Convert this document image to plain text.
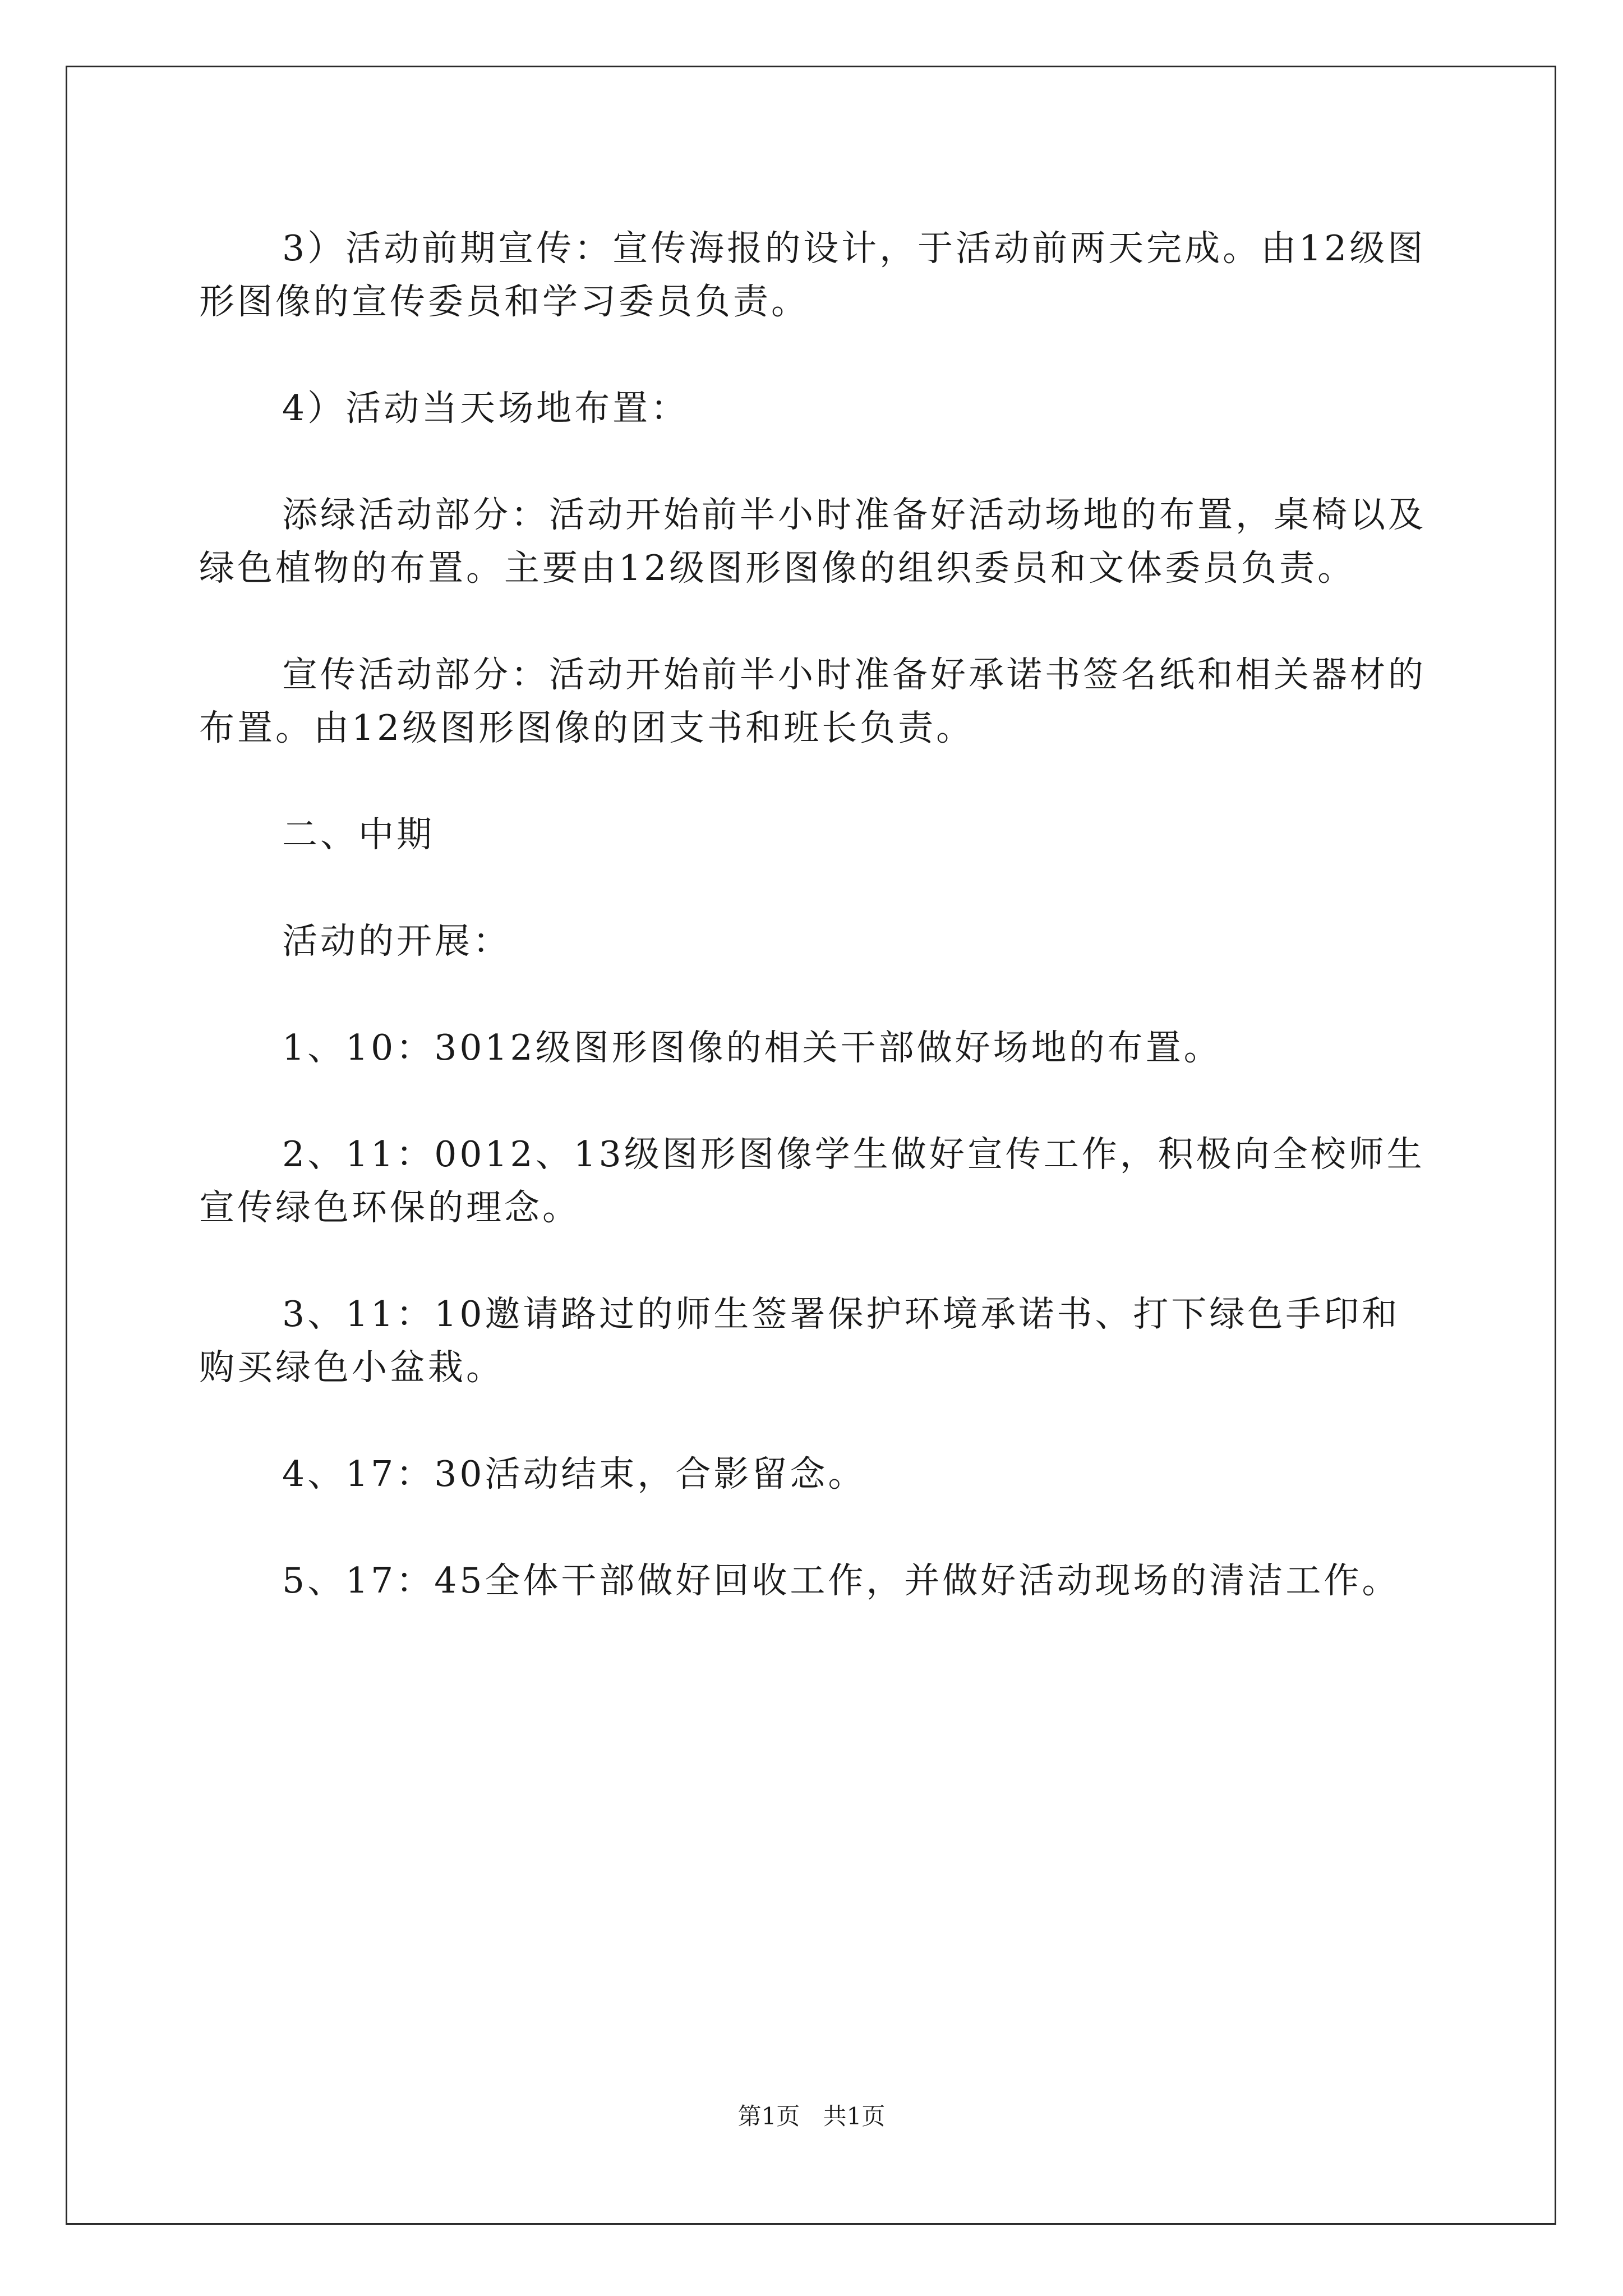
3）活动前期宣传：宣传海报的设计，于活动前两天完成。由12级图形图像的宣传委员和学习委员负责。

4）活动当天场地布置：

添绿活动部分：活动开始前半小时准备好活动场地的布置，桌椅以及绿色植物的布置。主要由12级图形图像的组织委员和文体委员负责。

宣传活动部分：活动开始前半小时准备好承诺书签名纸和相关器材的布置。由12级图形图像的团支书和班长负责。

二、中期

活动的开展：

1、10：3012级图形图像的相关干部做好场地的布置。

2、11：0012、13级图形图像学生做好宣传工作，积极向全校师生宣传绿色环保的理念。

3、11：10邀请路过的师生签署保护环境承诺书、打下绿色手印和购买绿色小盆栽。

4、17：30活动结束，合影留念。

5、17：45全体干部做好回收工作，并做好活动现场的清洁工作。

第1页 共1页
